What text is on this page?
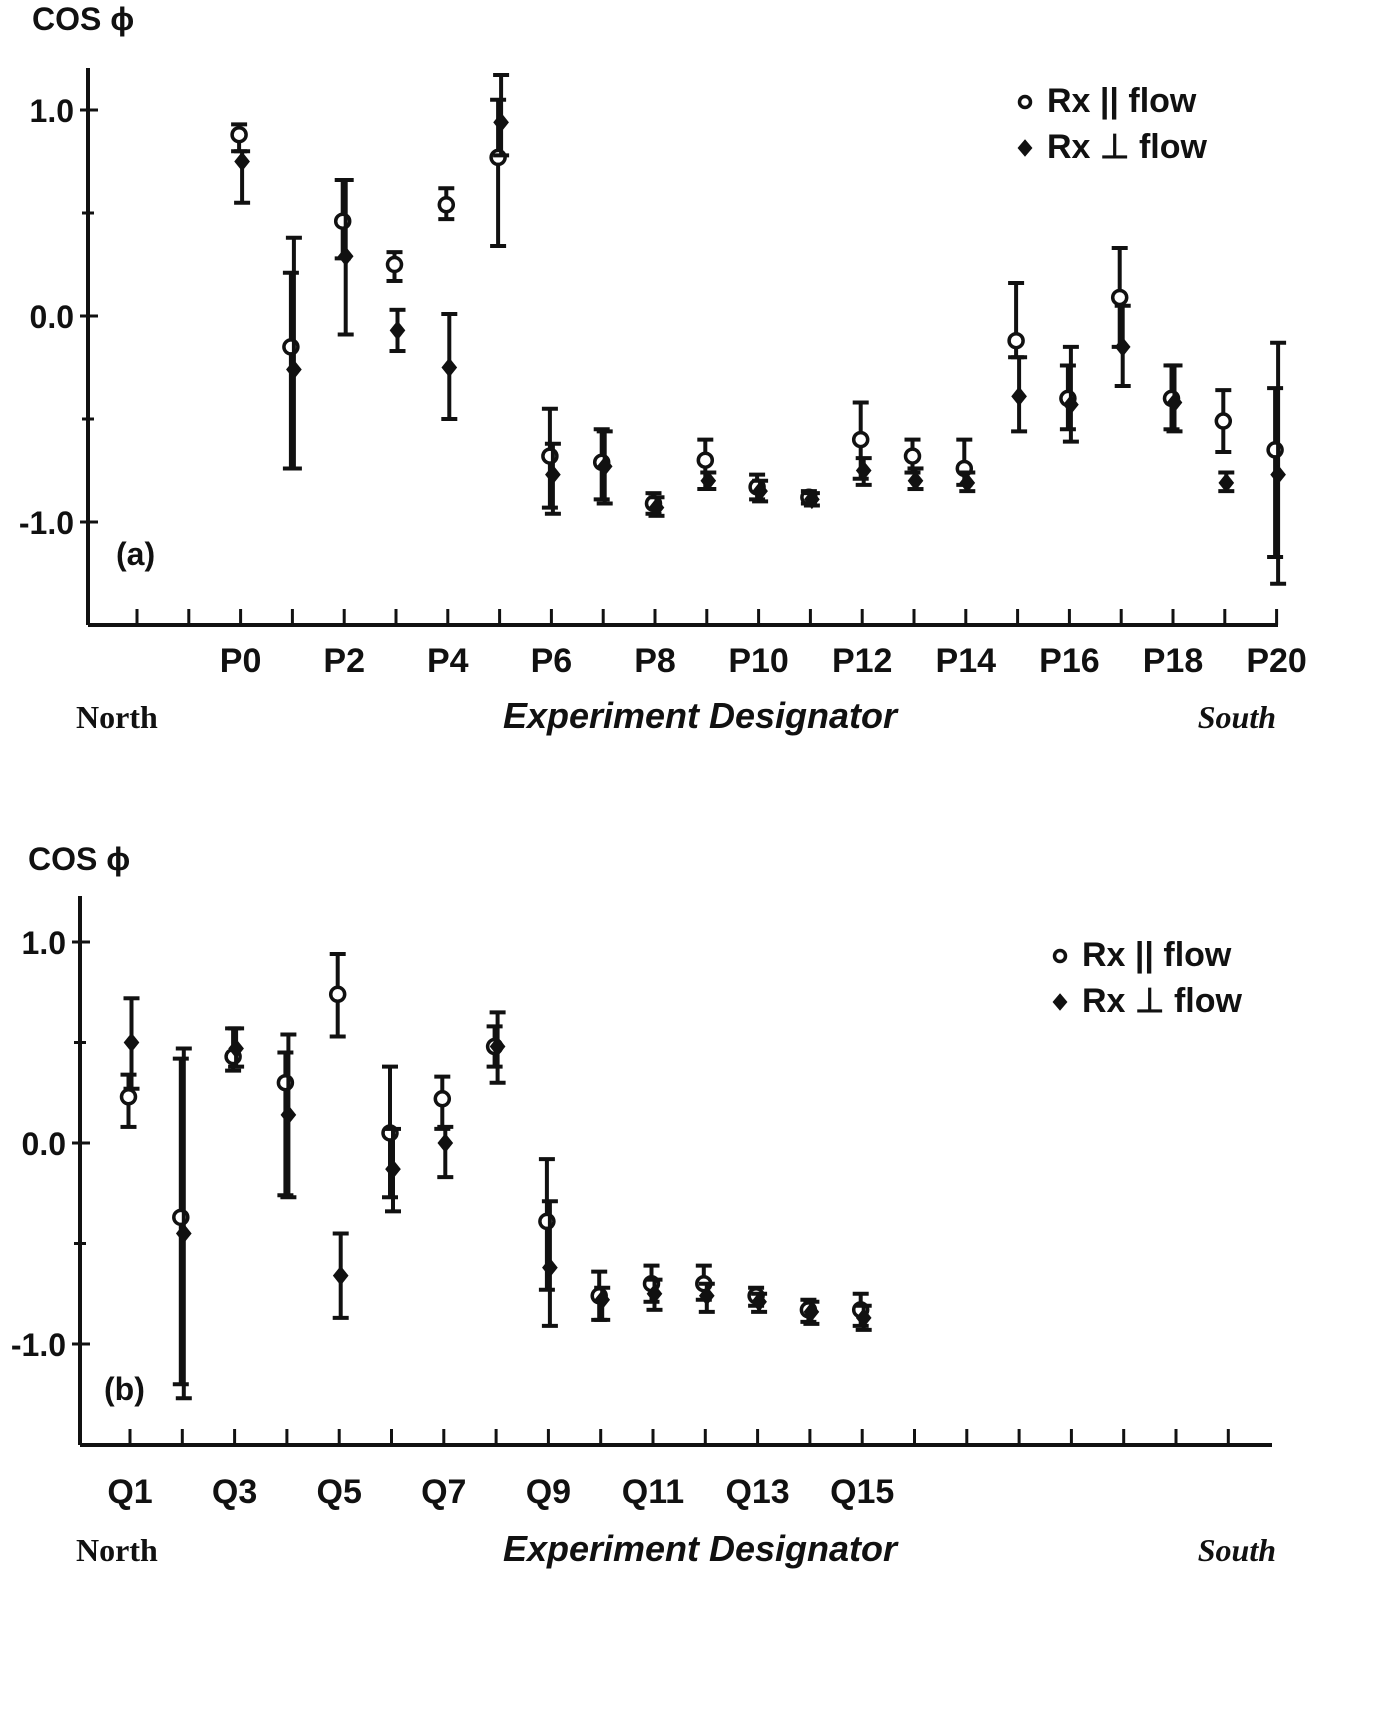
1.0
0.0
-1.0
COS ϕ
P0 P2 P4 P6 P8 P10 P12 P14 P16 P18 P20
North	Experiment Designator	South
(a)
Rx || flow
Rx ⊥ flow
1.0
0.0
-1.0
COS ϕ
Q1 Q3 Q5 Q7 Q9 Q11 Q13 Q15
North	Experiment Designator	South
(b)
Rx || flow
Rx ⊥ flow
